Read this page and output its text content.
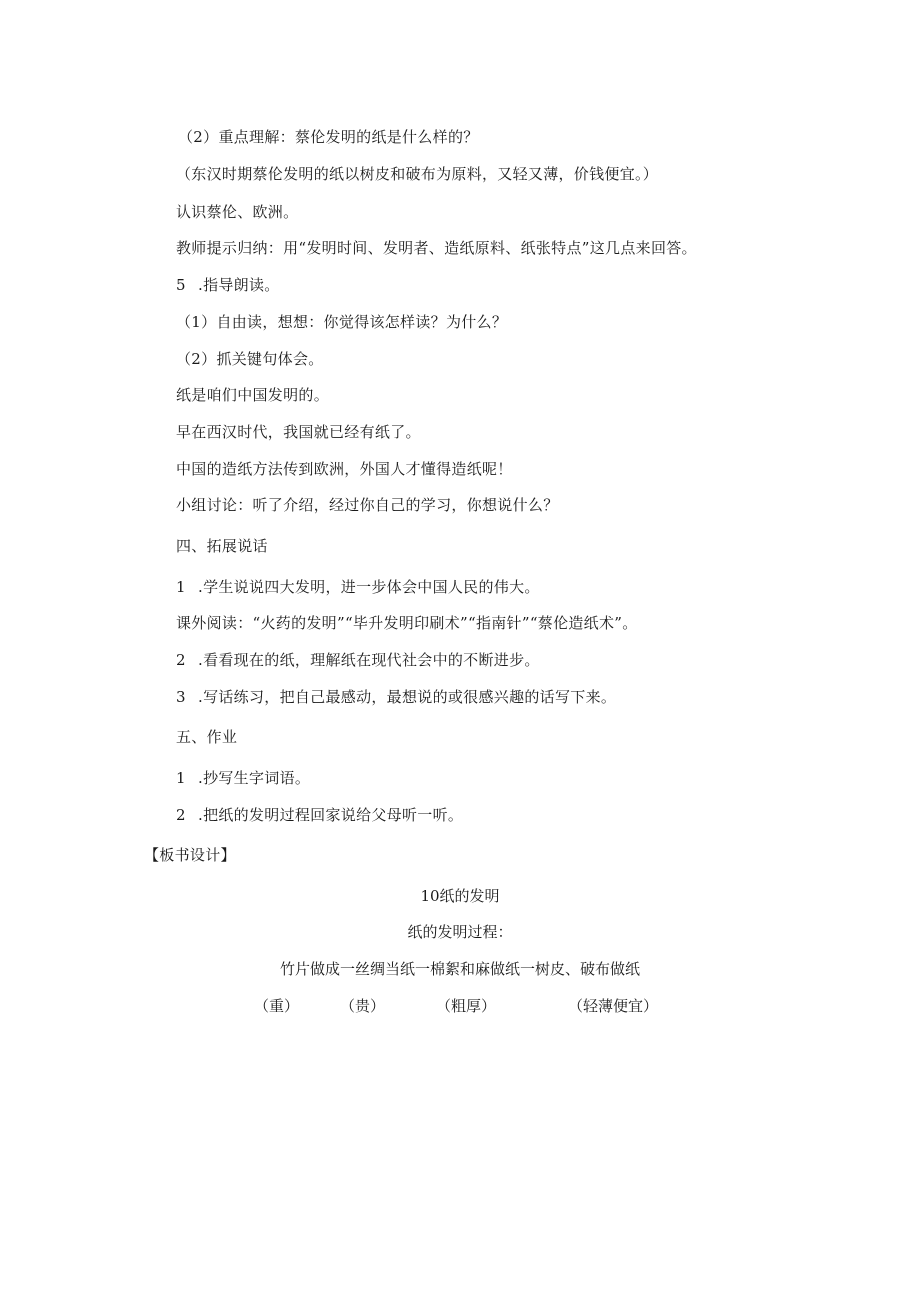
（2）重点理解：蔡伦发明的纸是什么样的？
（东汉时期蔡伦发明的纸以树皮和破布为原料，又轻又薄，价钱便宜。）
认识蔡伦、欧洲。
教师提示归纳：用“发明时间、发明者、造纸原料、纸张特点”这几点来回答。
5 .指导朗读。
（1）自由读，想想：你觉得该怎样读？为什么？
（2）抓关键句体会。
纸是咱们中国发明的。
早在西汉时代，我国就已经有纸了。
中国的造纸方法传到欧洲，外国人才懂得造纸呢！
小组讨论：听了介绍，经过你自己的学习，你想说什么？
四、拓展说话
1 .学生说说四大发明，进一步体会中国人民的伟大。
课外阅读：“火药的发明”“毕升发明印刷术”“指南针”“蔡伦造纸术”。
2 .看看现在的纸，理解纸在现代社会中的不断进步。
3 .写话练习，把自己最感动，最想说的或很感兴趣的话写下来。
五、作业
1 .抄写生字词语。
2 .把纸的发明过程回家说给父母听一听。
【板书设计】
10纸的发明
纸的发明过程：
竹片做成一丝绸当纸一棉絮和麻做纸一树皮、破布做纸
（重）	（贵）	（粗厚）	（轻薄便宜）
